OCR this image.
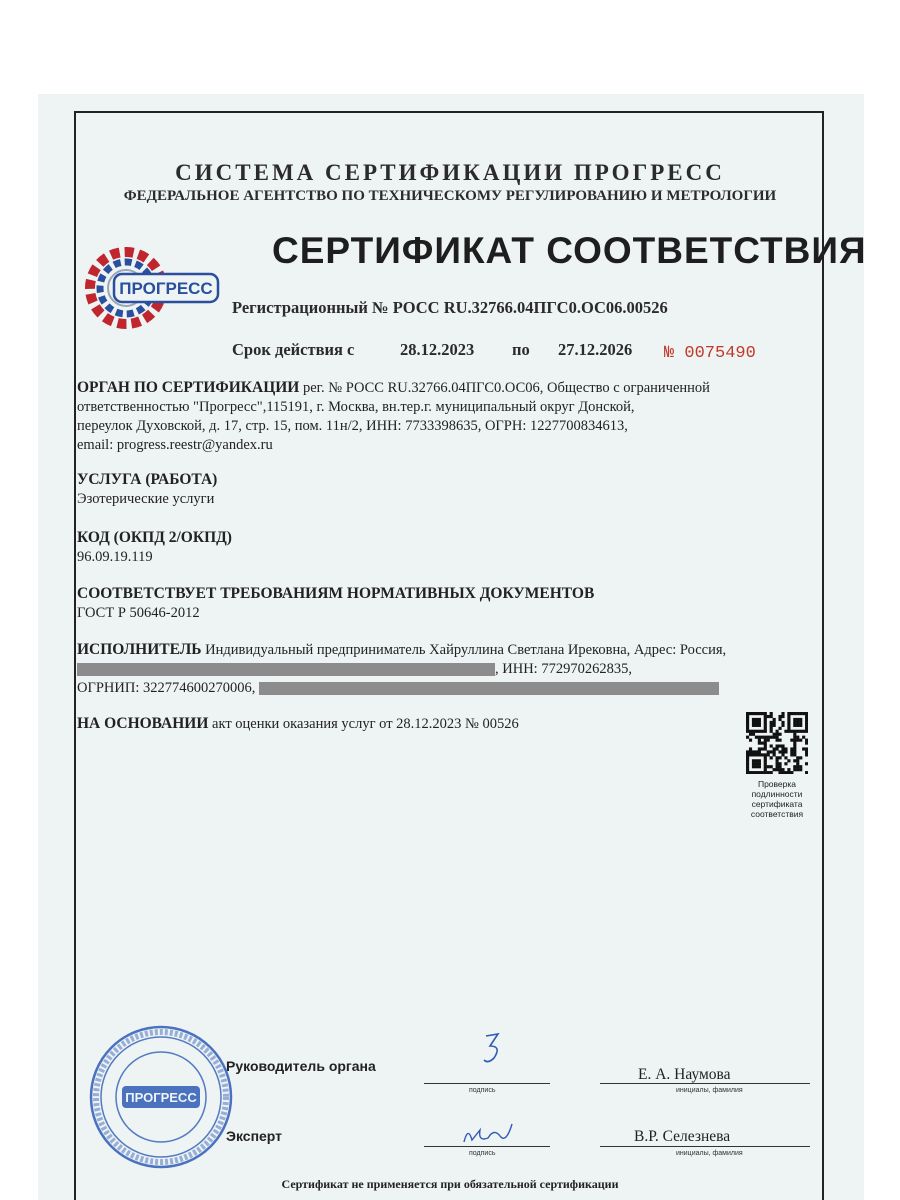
СИСТЕМА СЕРТИФИКАЦИИ ПРОГРЕСС
ФЕДЕРАЛЬНОЕ АГЕНТСТВО ПО ТЕХНИЧЕСКОМУ РЕГУЛИРОВАНИЮ И МЕТРОЛОГИИ
ПРОГРЕСС
СЕРТИФИКАТ СООТВЕТСТВИЯ
Регистрационный № РОСС RU.32766.04ПГС0.ОС06.00526
Срок действия с	28.12.2023 по 27.12.2026 № 0075490
ОРГАН ПО СЕРТИФИКАЦИИ рег. № РОСС RU.32766.04ПГС0.ОС06, Общество с ограниченной
ответственностью "Прогресс",115191, г. Москва, вн.тер.г. муниципальный округ Донской,
переулок Духовской, д. 17, стр. 15, пом. 11н/2, ИНН: 7733398635, ОГРН: 1227700834613,
email: progress.reestr@yandex.ru
УСЛУГА (РАБОТА)
Эзотерические услуги
КОД (ОКПД 2/ОКПД)
96.09.19.119
СООТВЕТСТВУЕТ ТРЕБОВАНИЯМ НОРМАТИВНЫХ ДОКУМЕНТОВ
ГОСТ Р 50646-2012
ИСПОЛНИТЕЛЬ Индивидуальный предприниматель Хайруллина Светлана Ирековна, Адрес: Россия,
, ИНН: 772970262835,
ОГРНИП: 322774600270006,
НА ОСНОВАНИИ акт оценки оказания услуг от 28.12.2023 № 00526
Проверка
подлинности
сертификата
соответствия
ПРОГРЕСС
Руководитель органа
подпись
Е. А. Наумова
инициалы, фамилия
Эксперт
подпись
В.Р. Селезнева
инициалы, фамилия
Сертификат не применяется при обязательной сертификации
